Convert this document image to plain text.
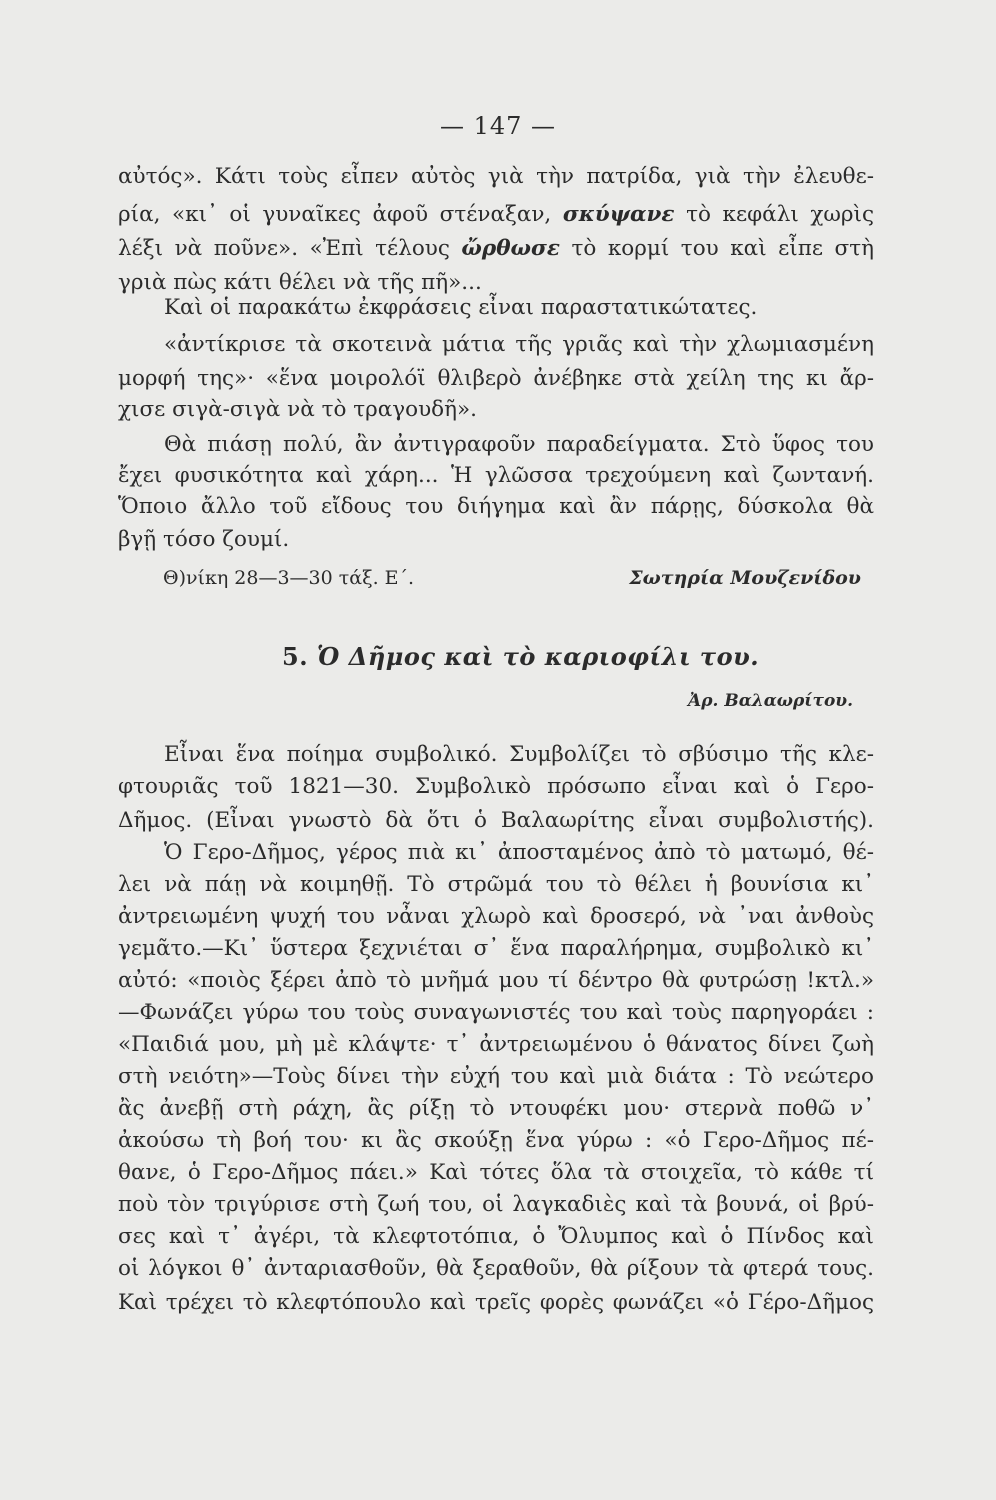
— 147 —
αὐτός». Κάτι τοὺς εἶπεν αὐτὸς γιὰ τὴν πατρίδα, γιὰ τὴν ἐλευθε-
ρία, «κι᾿ οἱ γυναῖκες ἀφοῦ στέναξαν, σκύψανε τὸ κεφάλι χωρὶς
λέξι νὰ ποῦνε». «Ἐπὶ τέλους ὤρθωσε τὸ κορμί του καὶ εἶπε στὴ
γριὰ πὼς κάτι θέλει νὰ τῆς πῆ»...
Καὶ οἱ παρακάτω ἐκφράσεις εἶναι παραστατικώτατες.
«ἀντίκρισε τὰ σκοτεινὰ μάτια τῆς γριᾶς καὶ τὴν χλωμιασμένη
μορφή της»· «ἕνα μοιρολόϊ θλιβερὸ ἀνέβηκε στὰ χείλη της κι ἄρ-
χισε σιγὰ-σιγὰ νὰ τὸ τραγουδῆ».
Θὰ πιάσῃ πολύ, ἂν ἀντιγραφοῦν παραδείγματα. Στὸ ὕφος του
ἔχει φυσικότητα καὶ χάρη... Ἡ γλῶσσα τρεχούμενη καὶ ζωντανή.
Ὅποιο ἄλλο τοῦ εἴδους του διήγημα καὶ ἂν πάρῃς, δύσκολα θὰ
βγῇ τόσο ζουμί.
Θ)νίκη 28—3—30 τάξ. Ε΄.	Σωτηρία Μουζενίδου
5. Ὁ Δῆμος καὶ τὸ καριοφίλι του.
Ἀρ. Βαλαωρίτου.
Εἶναι ἕνα ποίημα συμβολικό. Συμβολίζει τὸ σβύσιμο τῆς κλε-
φτουριᾶς τοῦ 1821—30. Συμβολικὸ πρόσωπο εἶναι καὶ ὁ Γερο-
Δῆμος. (Εἶναι γνωστὸ δὰ ὅτι ὁ Βαλαωρίτης εἶναι συμβολιστής).
Ὁ Γερο-Δῆμος, γέρος πιὰ κι᾿ ἀποσταμένος ἀπὸ τὸ ματωμό, θέ-
λει νὰ πάῃ νὰ κοιμηθῇ. Τὸ στρῶμά του τὸ θέλει ἡ βουνίσια κι᾿
ἀντρειωμένη ψυχή του νἆναι χλωρὸ καὶ δροσερό, νὰ ᾿ναι ἀνθοὺς
γεμᾶτο.—Κι᾿ ὕστερα ξεχνιέται σ᾿ ἕνα παραλήρημα, συμβολικὸ κι᾿
αὐτό: «ποιὸς ξέρει ἀπὸ τὸ μνῆμά μου τί δέντρο θὰ φυτρώσῃ !κτλ.»
—Φωνάζει γύρω του τοὺς συναγωνιστές του καὶ τοὺς παρηγοράει :
«Παιδιά μου, μὴ μὲ κλάψτε· τ᾿ ἀντρειωμένου ὁ θάνατος δίνει ζωὴ
στὴ νειότη»—Τοὺς δίνει τὴν εὐχή του καὶ μιὰ διάτα : Τὸ νεώτερο
ἂς ἀνεβῇ στὴ ράχη, ἂς ρίξῃ τὸ ντουφέκι μου· στερνὰ ποθῶ ν᾿
ἀκούσω τὴ βοή του· κι ἂς σκούξῃ ἕνα γύρω : «ὁ Γερο-Δῆμος πέ-
θανε, ὁ Γερο-Δῆμος πάει.» Καὶ τότες ὅλα τὰ στοιχεῖα, τὸ κάθε τί
ποὺ τὸν τριγύρισε στὴ ζωή του, οἱ λαγκαδιὲς καὶ τὰ βουνά, οἱ βρύ-
σες καὶ τ᾿ ἀγέρι, τὰ κλεφτοτόπια, ὁ Ὄλυμπος καὶ ὁ Πίνδος καὶ
οἱ λόγκοι θ᾿ ἀνταριασθοῦν, θὰ ξεραθοῦν, θὰ ρίξουν τὰ φτερά τους.
Καὶ τρέχει τὸ κλεφτόπουλο καὶ τρεῖς φορὲς φωνάζει «ὁ Γέρο-Δῆμος
